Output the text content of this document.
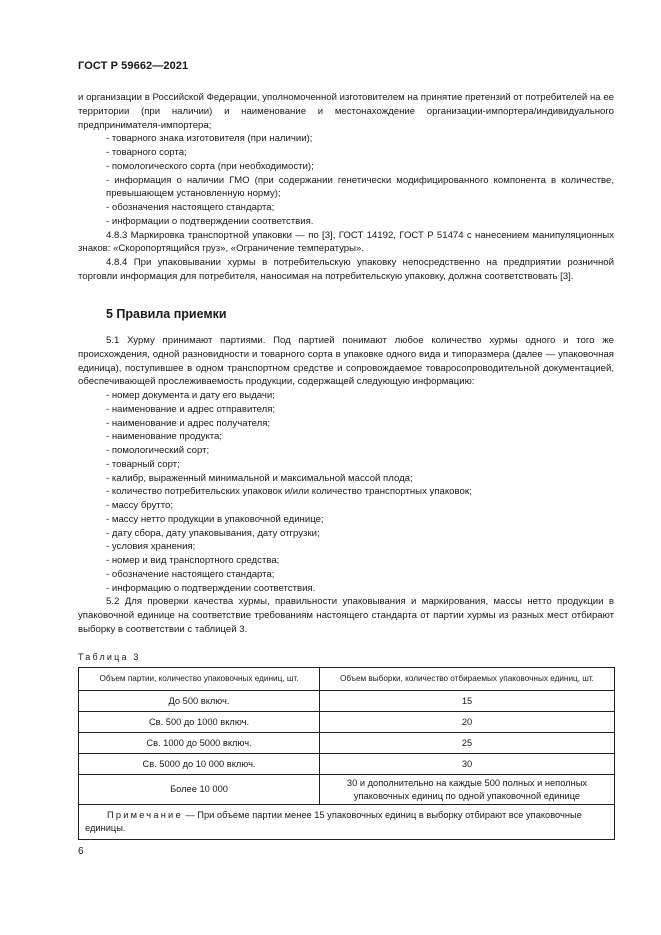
ГОСТ Р 59662—2021

и организации в Российской Федерации, уполномоченной изготовителем на принятие претензий от потребителей на ее территории (при наличии) и наименование и местонахождение организации-импортера/индивидуального предпринимателя-импортера;

- товарного знака изготовителя (при наличии);

- товарного сорта;

- помологического сорта (при необходимости);

- информация о наличии ГМО (при содержании генетически модифицированного компонента в количестве, превышающем установленную норму);

- обозначения настоящего стандарта;

- информации о подтверждении соответствия.

4.8.3 Маркировка транспортной упаковки — по [3], ГОСТ 14192, ГОСТ Р 51474 с нанесением манипуляционных знаков: «Скоропортящийся груз», «Ограничение температуры».

4.8.4 При упаковывании хурмы в потребительскую упаковку непосредственно на предприятии розничной торговли информация для потребителя, наносимая на потребительскую упаковку, должна соответствовать [3].

5 Правила приемки

5.1 Хурму принимают партиями. Под партией понимают любое количество хурмы одного и того же происхождения, одной разновидности и товарного сорта в упаковке одного вида и типоразмера (далее — упаковочная единица), поступившее в одном транспортном средстве и сопровождаемое товаросопроводительной документацией, обеспечивающей прослеживаемость продукции, содержащей следующую информацию:

- номер документа и дату его выдачи;

- наименование и адрес отправителя;

- наименование и адрес получателя;

- наименование продукта;

- помологический сорт;

- товарный сорт;

- калибр, выраженный минимальной и максимальной массой плода;

- количество потребительских упаковок и/или количество транспортных упаковок;

- массу брутто;

- массу нетто продукции в упаковочной единице;

- дату сбора, дату упаковывания, дату отгрузки;

- условия хранения;

- номер и вид транспортного средства;

- обозначение настоящего стандарта;

- информацию о подтверждении соответствия.

5.2 Для проверки качества хурмы, правильности упаковывания и маркирования, массы нетто продукции в упаковочной единице на соответствие требованиям настоящего стандарта от партии хурмы из разных мест отбирают выборку в соответствии с таблицей 3.

Таблица 3
Объем партии, количество упаковочных единиц, шт.	Объем выборки, количество отбираемых упаковочных единиц, шт.
До 500 включ.	15
Св. 500 до 1000 включ.	20
Св. 1000 до 5000 включ.	25
Св. 5000 до 10 000 включ.	30
Более 10 000	30 и дополнительно на каждые 500 полных и неполных упаковочных единиц по одной упаковочной единице
Примечание — При объеме партии менее 15 упаковочных единиц в выборку отбирают все упаковочные единицы.	
6
